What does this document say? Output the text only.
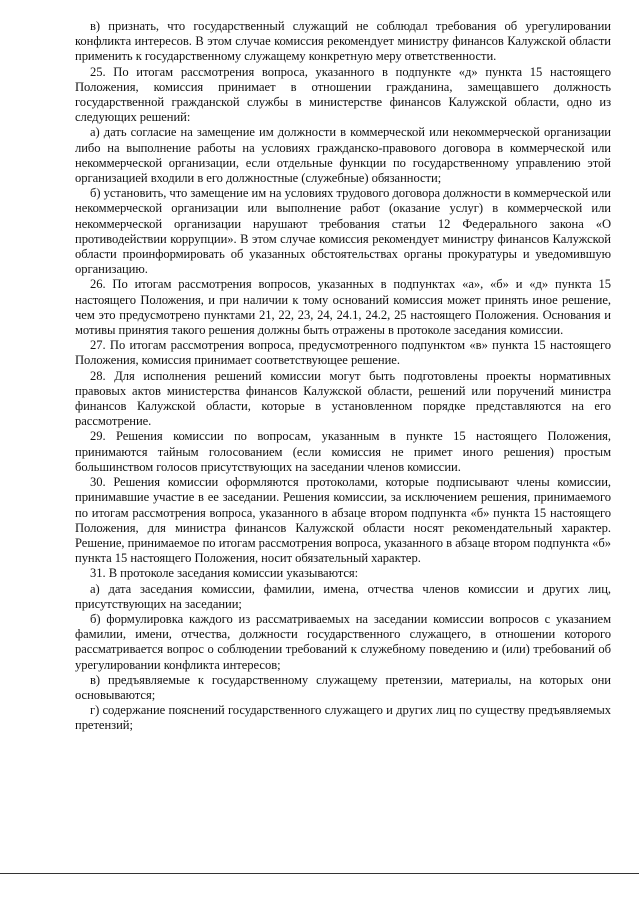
в) признать, что государственный служащий не соблюдал требования об урегулировании конфликта интересов. В этом случае комиссия рекомендует министру финансов Калужской области применить к государственному служащему конкретную меру ответственности.

25. По итогам рассмотрения вопроса, указанного в подпункте «д» пункта 15 настоящего Положения, комиссия принимает в отношении гражданина, замещавшего должность государственной гражданской службы в министерстве финансов Калужской области, одно из следующих решений:

а) дать согласие на замещение им должности в коммерческой или некоммерческой организации либо на выполнение работы на условиях гражданско-правового договора в коммерческой или некоммерческой организации, если отдельные функции по государственному управлению этой организацией входили в его должностные (служебные) обязанности;

б) установить, что замещение им на условиях трудового договора должности в коммерческой или некоммерческой организации или выполнение работ (оказание услуг) в коммерческой или некоммерческой организации нарушают требования статьи 12 Федерального закона «О противодействии коррупции». В этом случае комиссия рекомендует министру финансов Калужской области проинформировать об указанных обстоятельствах органы прокуратуры и уведомившую организацию.

26. По итогам рассмотрения вопросов, указанных в подпунктах «а», «б» и «д» пункта 15 настоящего Положения, и при наличии к тому оснований комиссия может принять иное решение, чем это предусмотрено пунктами 21, 22, 23, 24, 24.1, 24.2, 25 настоящего Положения. Основания и мотивы принятия такого решения должны быть отражены в протоколе заседания комиссии.

27. По итогам рассмотрения вопроса, предусмотренного подпунктом «в» пункта 15 настоящего Положения, комиссия принимает соответствующее решение.

28. Для исполнения решений комиссии могут быть подготовлены проекты нормативных правовых актов министерства финансов Калужской области, решений или поручений министра финансов Калужской области, которые в установленном порядке представляются на его рассмотрение.

29. Решения комиссии по вопросам, указанным в пункте 15 настоящего Положения, принимаются тайным голосованием (если комиссия не примет иного решения) простым большинством голосов присутствующих на заседании членов комиссии.

30. Решения комиссии оформляются протоколами, которые подписывают члены комиссии, принимавшие участие в ее заседании. Решения комиссии, за исключением решения, принимаемого по итогам рассмотрения вопроса, указанного в абзаце втором подпункта «б» пункта 15 настоящего Положения, для министра финансов Калужской области носят рекомендательный характер. Решение, принимаемое по итогам рассмотрения вопроса, указанного в абзаце втором подпункта «б» пункта 15 настоящего Положения, носит обязательный характер.

31. В протоколе заседания комиссии указываются:

а) дата заседания комиссии, фамилии, имена, отчества членов комиссии и других лиц, присутствующих на заседании;

б) формулировка каждого из рассматриваемых на заседании комиссии вопросов с указанием фамилии, имени, отчества, должности государственного служащего, в отношении которого рассматривается вопрос о соблюдении требований к служебному поведению и (или) требований об урегулировании конфликта интересов;

в) предъявляемые к государственному служащему претензии, материалы, на которых они основываются;

г) содержание пояснений государственного служащего и других лиц по существу предъявляемых претензий;
